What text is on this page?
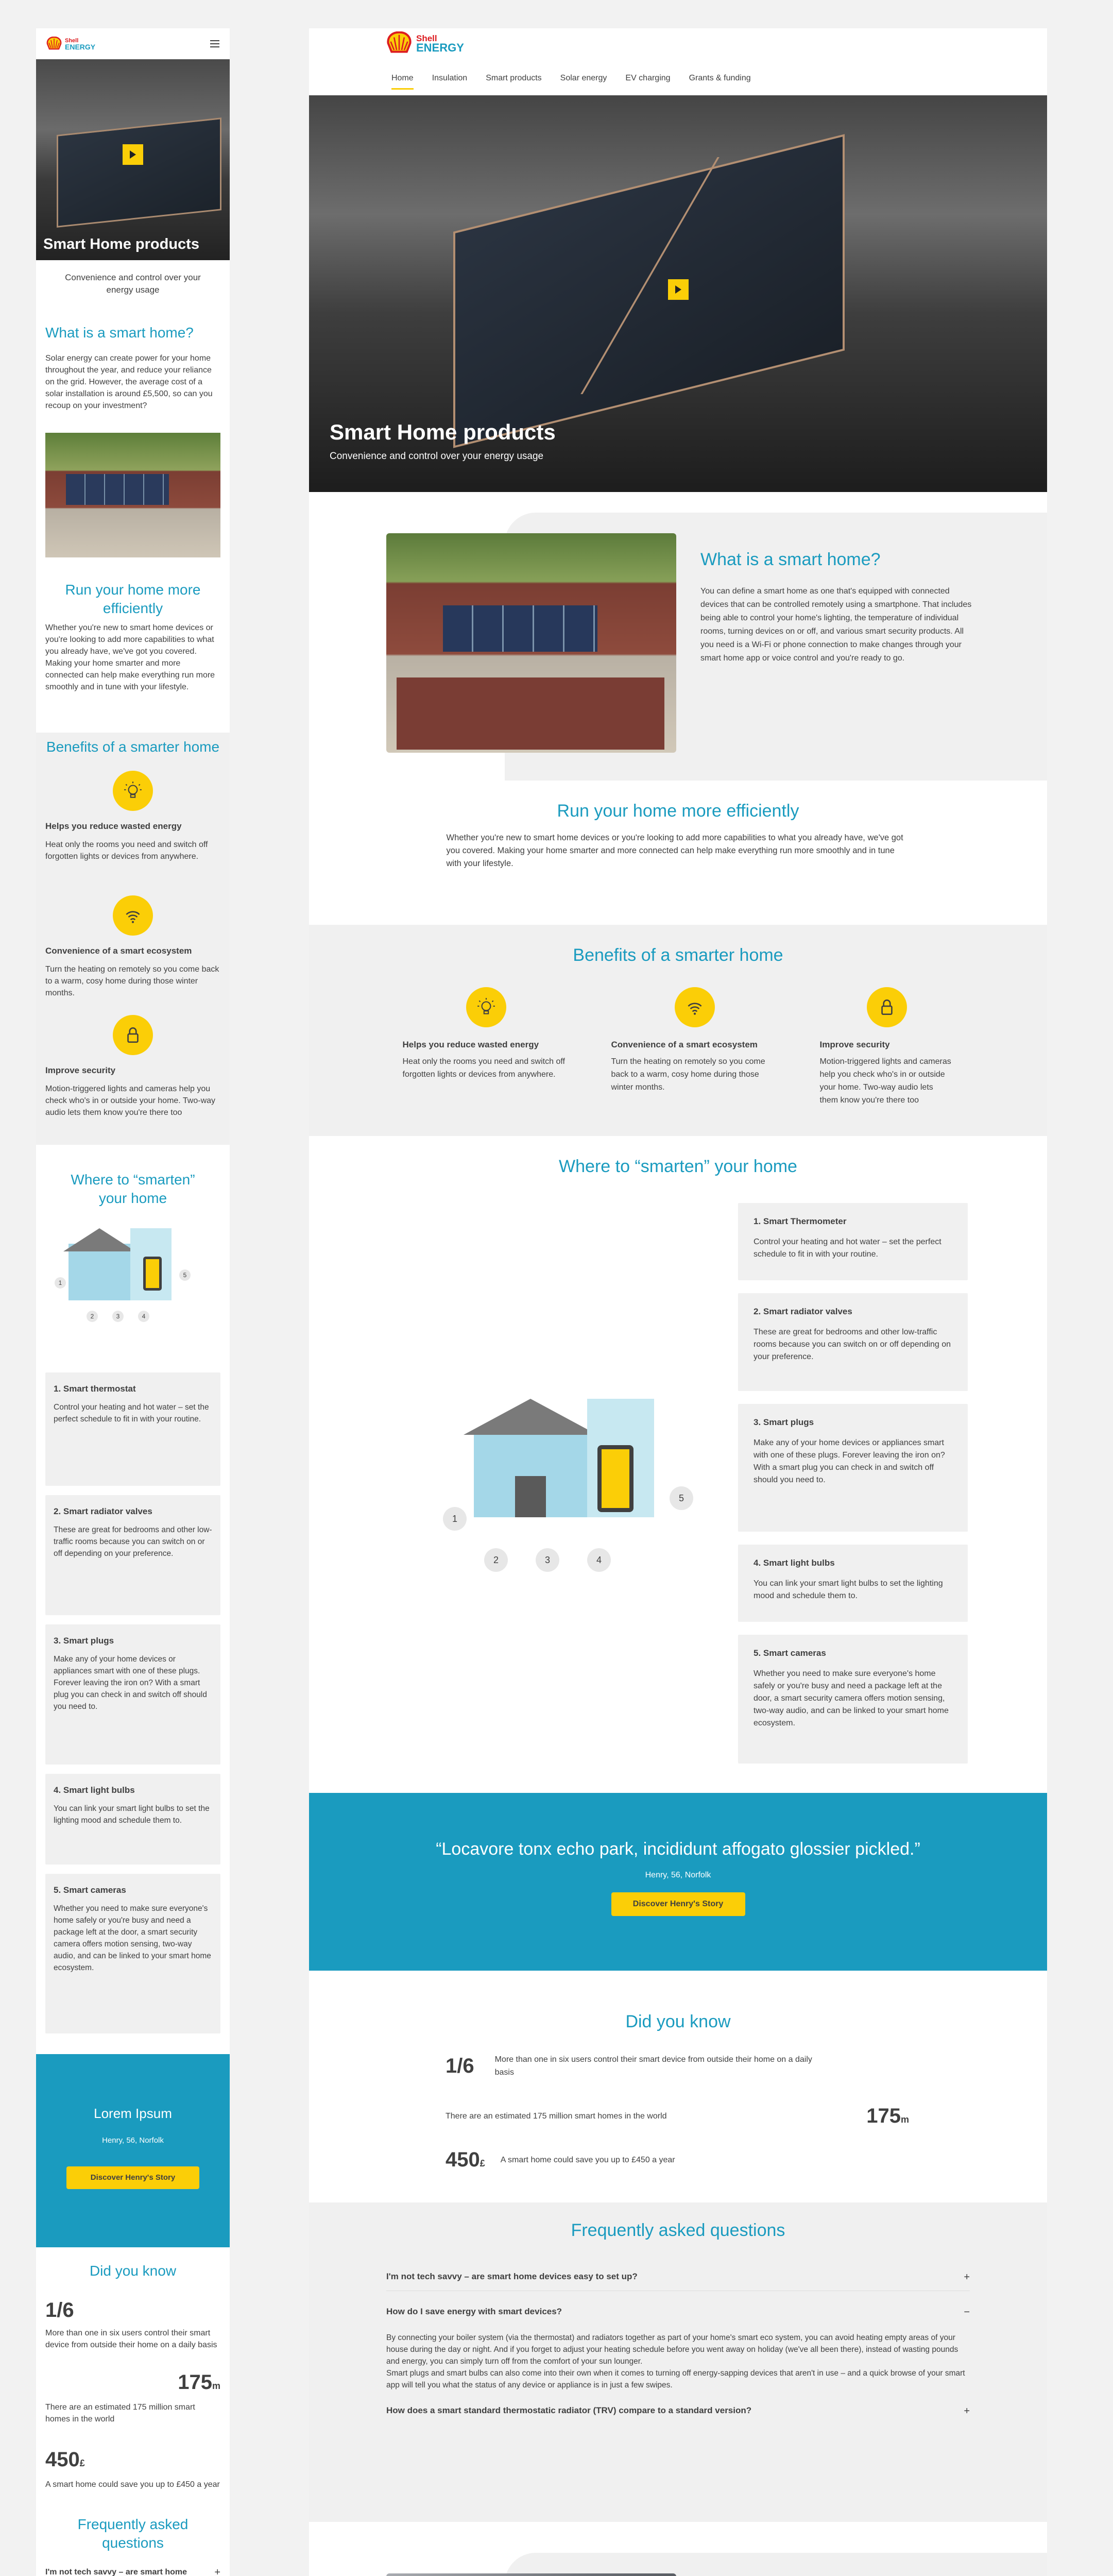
Shell
ENERGY
Smart Home products
Convenience and control over your energy usage
What is a smart home?

Solar energy can create power for your home throughout the year, and reduce your reliance on the grid. However, the average cost of a solar installation is around £5,500, so can you recoup on your investment?

Run your home more efficiently

Whether you're new to smart home devices or you're looking to add more capabilities to what you already have, we've got you covered. Making your home smarter and more connected can help make everything run more smoothly and in tune with your lifestyle.

Benefits of a smarter home
Helps you reduce wasted energy

Heat only the rooms you need and switch off forgotten lights or devices from anywhere.

Convenience of a smart ecosystem

Turn the heating on remotely so you come back to a warm, cosy home during those winter months.

Improve security

Motion-triggered lights and cameras help you check who's in or outside your home. Two-way audio lets them know you're there too

Where to “smarten” your home
1
2	3	4
5
1. Smart thermostat

Control your heating and hot water – set the perfect schedule to fit in with your routine.

2. Smart radiator valves

These are great for bedrooms and other low-traffic rooms because you can switch on or off depending on your preference.

3. Smart plugs

Make any of your home devices or appliances smart with one of these plugs. Forever leaving the iron on? With a smart plug you can check in and switch off should you need to.

4. Smart light bulbs

You can link your smart light bulbs to set the lighting mood and schedule them to.

5. Smart cameras

Whether you need to make sure everyone's home safely or you're busy and need a package left at the door, a smart security camera offers motion sensing, two-way audio, and can be linked to your smart home ecosystem.

Lorem Ipsum
Henry, 56, Norfolk
Discover Henry's Story
Did you know
1/6

More than one in six users control their smart device from outside their home on a daily basis

175m

There are an estimated 175 million smart homes in the world

450£

A smart home could save you up to £450 a year

Frequently asked questions
I'm not tech savvy – are smart home	+

Shell
ENERGY
Home Insulation Smart products Solar energy EV charging Grants & funding
Smart Home products
Convenience and control over your energy usage
What is a smart home?

You can define a smart home as one that's equipped with connected devices that can be controlled remotely using a smartphone. That includes being able to control your home's lighting, the temperature of individual rooms, turning devices on or off, and various smart security products. All you need is a Wi-Fi or phone connection to make changes through your smart home app or voice control and you're ready to go.

Run your home more efficiently

Whether you're new to smart home devices or you're looking to add more capabilities to what you already have, we've got you covered. Making your home smarter and more connected can help make everything run more smoothly and in tune with your lifestyle.

Benefits of a smarter home
Helps you reduce wasted energy

Heat only the rooms you need and switch off forgotten lights or devices from anywhere.

Convenience of a smart ecosystem

Turn the heating on remotely so you come back to a warm, cosy home during those winter months.

Improve security

Motion-triggered lights and cameras help you check who's in or outside your home. Two-way audio lets them know you're there too

Where to “smarten” your home
1
2	3	4
5
1. Smart Thermometer

Control your heating and hot water – set the perfect schedule to fit in with your routine.

2. Smart radiator valves

These are great for bedrooms and other low-traffic rooms because you can switch on or off depending on your preference.

3. Smart plugs

Make any of your home devices or appliances smart with one of these plugs. Forever leaving the iron on? With a smart plug you can check in and switch off should you need to.

4. Smart light bulbs

You can link your smart light bulbs to set the lighting mood and schedule them to.

5. Smart cameras

Whether you need to make sure everyone's home safely or you're busy and need a package left at the door, a smart security camera offers motion sensing, two-way audio, and can be linked to your smart home ecosystem.

“Locavore tonx echo park, incididunt affogato glossier pickled.”
Henry, 56, Norfolk
Discover Henry's Story
Did you know
1/6	More than one in six users control their smart device from outside their home on a daily basis

There are an estimated 175 million smart homes in the world	175m
450£ A smart home could save you up to £450 a year

Frequently asked questions
I'm not tech savvy – are smart home devices easy to set up?	+
How do I save energy with smart devices?	−

By connecting your boiler system (via the thermostat) and radiators together as part of your home's smart eco system, you can avoid heating empty areas of your house during the day or night. And if you forget to adjust your heating schedule before you went away on holiday (we've all been there), instead of wasting pounds and energy, you can simply turn off from the comfort of your sun lounger.
Smart plugs and smart bulbs can also come into their own when it comes to turning off energy-sapping devices that aren't in use – and a quick browse of your smart app will tell you what the status of any device or appliance is in just a few swipes.

How does a smart standard thermostatic radiator (TRV) compare to a standard version?	+
